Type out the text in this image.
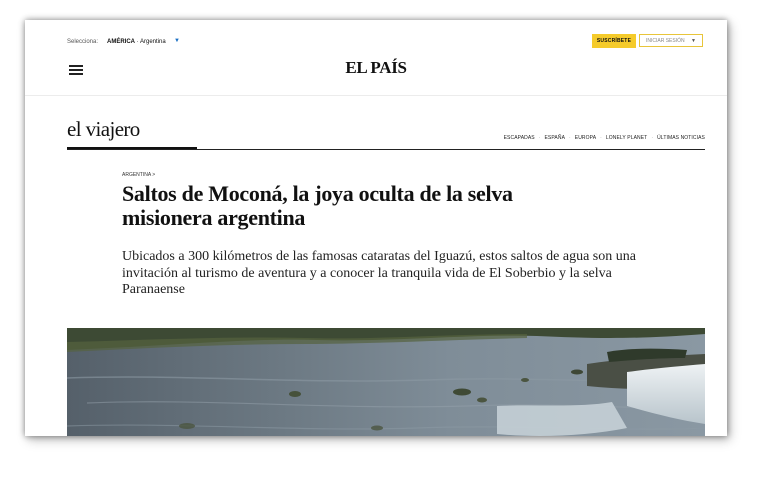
Selecciona: AMÉRICA · Argentina ▼	SUSCRÍBETE	INICIAR SESIÓN ▼
EL PAÍS
el viajero	ESCAPADAS · ESPAÑA · EUROPA · LONELY PLANET · ÚLTIMAS NOTICIAS
ARGENTINA >
Saltos de Moconá, la joya oculta de la selva misionera argentina

Ubicados a 300 kilómetros de las famosas cataratas del Iguazú, estos saltos de agua son una invitación al turismo de aventura y a conocer la tranquila vida de El Soberbio y la selva Paranaense
